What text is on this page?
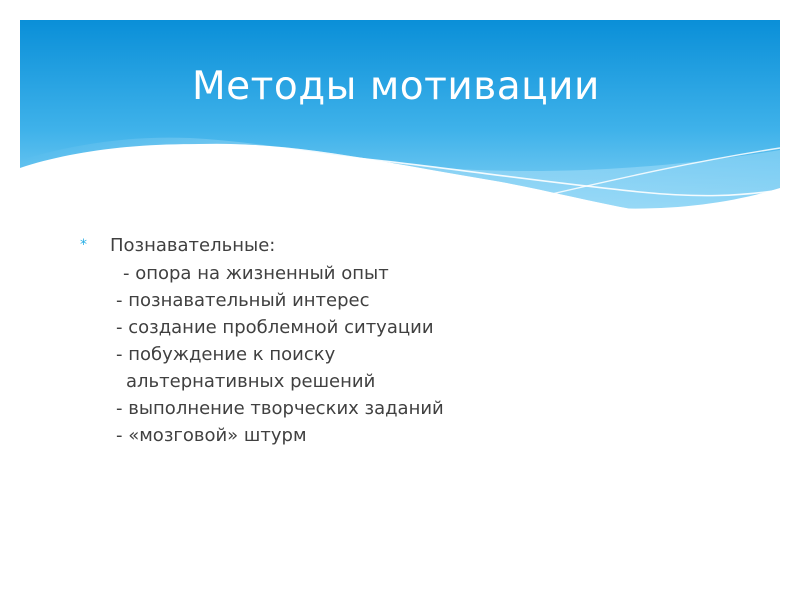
Методы мотивации
* Познавательные:
- опора на жизненный опыт
- познавательный интерес
- создание проблемной ситуации
- побуждение к поиску
альтернативных решений
- выполнение творческих заданий
- «мозговой» штурм
